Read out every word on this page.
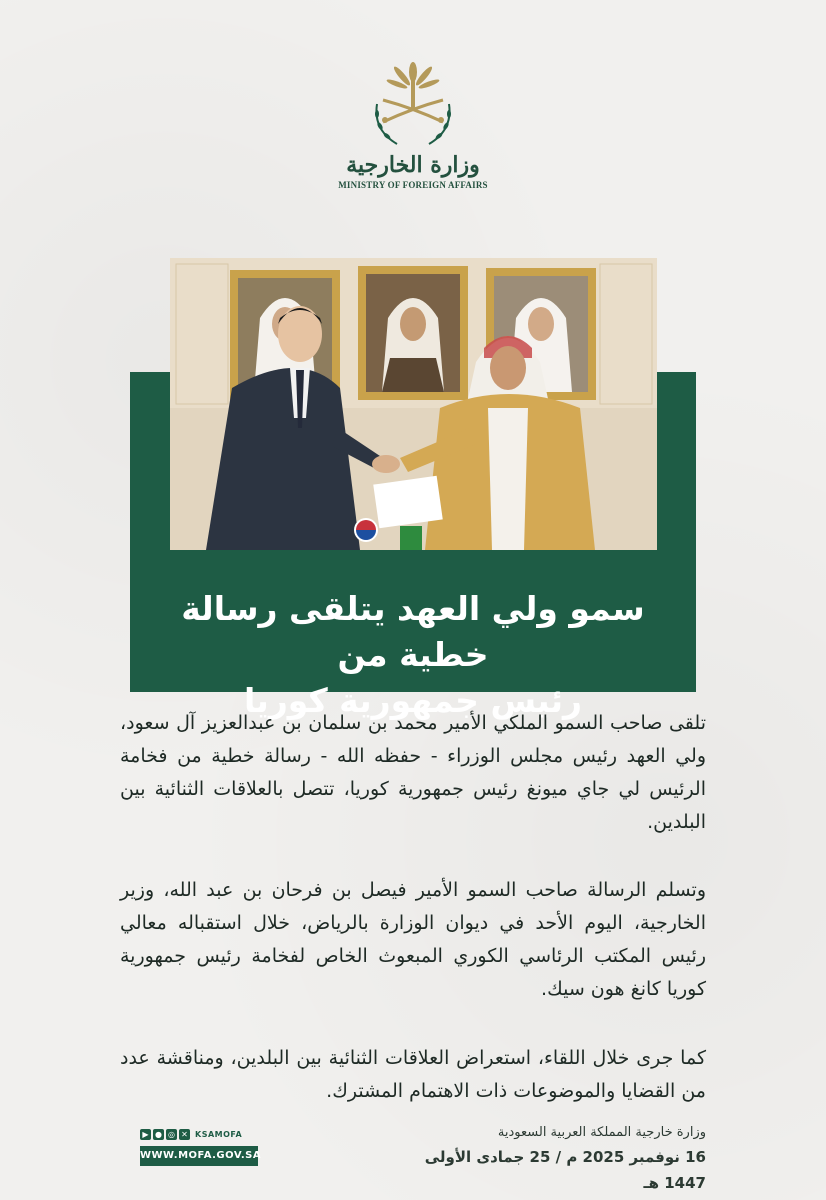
وزارة الخارجية
MINISTRY OF FOREIGN AFFAIRS
سمو ولي العهد يتلقى رسالة خطية من
رئيس جمهورية كوريا
تلقى صاحب السمو الملكي الأمير محمد بن سلمان بن عبدالعزيز آل سعود، ولي العهد رئيس مجلس الوزراء - حفظه الله - رسالة خطية من فخامة الرئيس لي جاي ميونغ رئيس جمهورية كوريا، تتصل بالعلاقات الثنائية بين البلدين.
وتسلم الرسالة صاحب السمو الأمير فيصل بن فرحان بن عبد الله، وزير الخارجية، اليوم الأحد في ديوان الوزارة بالرياض، خلال استقباله معالي رئيس المكتب الرئاسي الكوري المبعوث الخاص لفخامة رئيس جمهورية كوريا كانغ هون سيك.
كما جرى خلال اللقاء، استعراض العلاقات الثنائية بين البلدين، ومناقشة عدد من القضايا والموضوعات ذات الاهتمام المشترك.
وزارة خارجية المملكة العربية السعودية
16 نوفمبر 2025 م / 25 جمادى الأولى 1447 هـ
▶ ● ◎ ✕ KSAMOFA
WWW.MOFA.GOV.SA
